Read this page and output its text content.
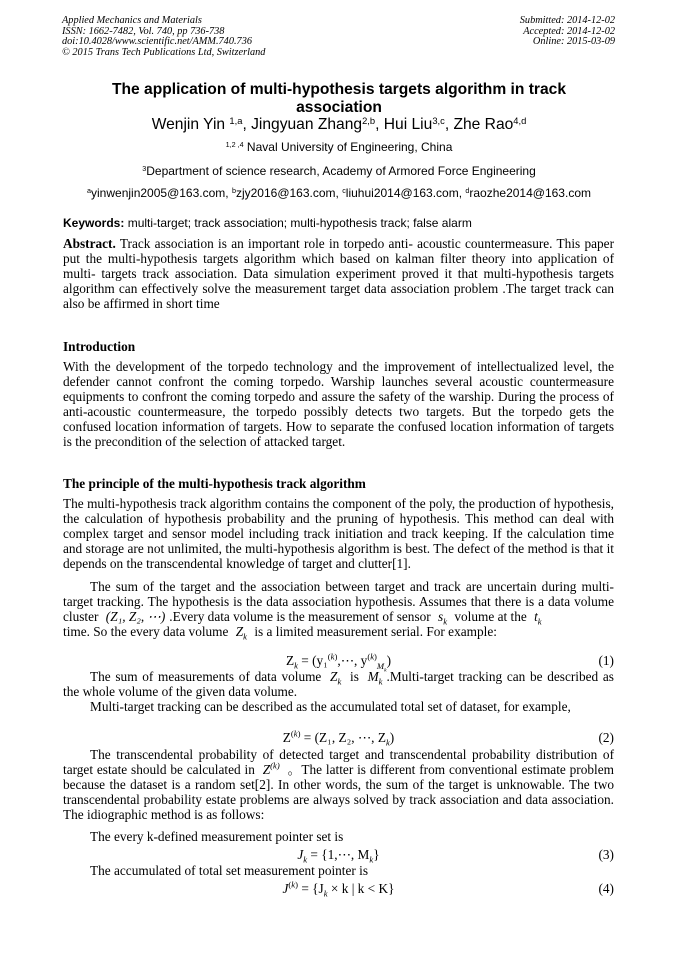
Applied Mechanics and Materials
ISSN: 1662-7482, Vol. 740, pp 736-738
doi:10.4028/www.scientific.net/AMM.740.736
© 2015 Trans Tech Publications Ltd, Switzerland
Submitted: 2014-12-02
Accepted: 2014-12-02
Online: 2015-03-09
The application of multi-hypothesis targets algorithm in track association
Wenjin Yin $^{1,a}$, Jingyuan Zhang$^{2,b}$, Hui Liu$^{3,c}$, Zhe Rao$^{4,d}$
$^{1,2 ,4}$ Naval University of Engineering, China
$^3$Department of science research, Academy of Armored Force Engineering
$^a$yinwenjin2005@163.com, $^b$zjy2016@163.com, $^c$liuhui2014@163.com, $^d$raozhe2014@163.com
Keywords: multi-target; track association; multi-hypothesis track; false alarm
Abstract. Track association is an important role in torpedo anti- acoustic countermeasure. This paper put the multi-hypothesis targets algorithm which based on kalman filter theory into application of multi- targets track association. Data simulation experiment proved it that multi-hypothesis targets algorithm can effectively solve the measurement target data association problem .The target track can also be affirmed in short time
Introduction
With the development of the torpedo technology and the improvement of intellectualized level, the defender cannot confront the coming torpedo. Warship launches several acoustic countermeasure equipments to confront the coming torpedo and assure the safety of the warship. During the process of anti-acoustic countermeasure, the torpedo possibly detects two targets. But the torpedo gets the confused location information of targets. How to separate the confused location information of targets is the precondition of the selection of attacked target.
The principle of the multi-hypothesis track algorithm
The multi-hypothesis track algorithm contains the component of the poly, the production of hypothesis, the calculation of hypothesis probability and the pruning of hypothesis. This method can deal with complex target and sensor model including track initiation and track keeping. If the calculation time and storage are not unlimited, the multi-hypothesis algorithm is best. The defect of the method is that it depends on the transcendental knowledge of target and clutter[1].
The sum of the target and the association between target and track are uncertain during multi-target tracking. The hypothesis is the data association hypothesis. Assumes that there is a data volume cluster (Z₁, Z₂, ⋯) .Every data volume is the measurement of sensor $s_k$ volume at the $t_k$
time. So the every data volume $Z_k$ is a limited measurement serial. For example:
$Z_k$ = (y₁$^{(k)}$,⋯, $y^{(k)}_{M_k}$)	(1)
The sum of measurements of data volume $Z_k$ is $M_k$ .Multi-target tracking can be described as the whole volume of the given data volume.
Multi-target tracking can be described as the accumulated total set of dataset, for example,
$Z^{(k)} = (Z_1$, Z₂, ⋯, $Z_k$)	(2)
The transcendental probability of detected target and transcendental probability distribution of target estate should be calculated in $Z^{(k)}$ 。The latter is different from conventional estimate problem because the dataset is a random set[2]. In other words, the sum of the target is unknowable. The two transcendental probability estate problems are always solved by track association and data association. The idiographic method is as follows:
The every k-defined measurement pointer set is
$J_k$ = {1,⋯, $M_k$}	(3)
The accumulated of total set measurement pointer is
$J^{(k)} = \{J_k \times k$ | k < K}	(4)
